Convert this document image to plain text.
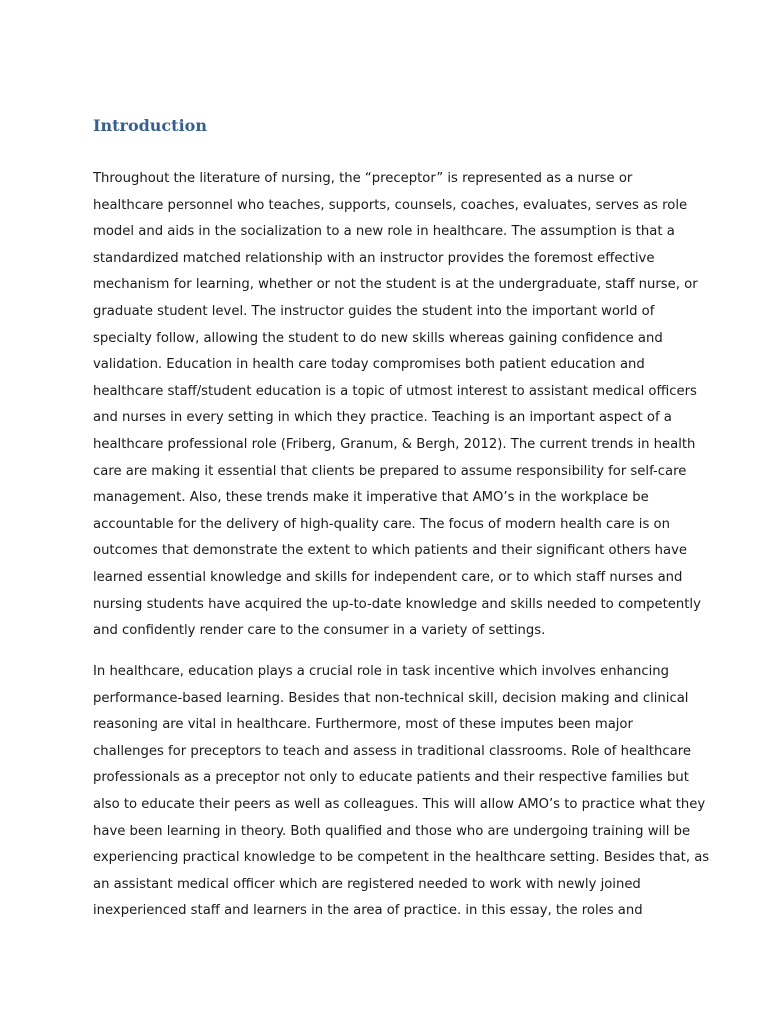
Introduction
Throughout the literature of nursing, the “preceptor” is represented as a nurse or
healthcare personnel who teaches, supports, counsels, coaches, evaluates, serves as role
model and aids in the socialization to a new role in healthcare. The assumption is that a
standardized matched relationship with an instructor provides the foremost effective
mechanism for learning, whether or not the student is at the undergraduate, staff nurse, or
graduate student level. The instructor guides the student into the important world of
specialty follow, allowing the student to do new skills whereas gaining confidence and
validation. Education in health care today compromises both patient education and
healthcare staff/student education is a topic of utmost interest to assistant medical officers
and nurses in every setting in which they practice. Teaching is an important aspect of a
healthcare professional role (Friberg, Granum, & Bergh, 2012). The current trends in health
care are making it essential that clients be prepared to assume responsibility for self-care
management. Also, these trends make it imperative that AMO’s in the workplace be
accountable for the delivery of high-quality care. The focus of modern health care is on
outcomes that demonstrate the extent to which patients and their significant others have
learned essential knowledge and skills for independent care, or to which staff nurses and
nursing students have acquired the up-to-date knowledge and skills needed to competently
and confidently render care to the consumer in a variety of settings.
In healthcare, education plays a crucial role in task incentive which involves enhancing
performance-based learning. Besides that non-technical skill, decision making and clinical
reasoning are vital in healthcare. Furthermore, most of these imputes been major
challenges for preceptors to teach and assess in traditional classrooms. Role of healthcare
professionals as a preceptor not only to educate patients and their respective families but
also to educate their peers as well as colleagues. This will allow AMO’s to practice what they
have been learning in theory. Both qualified and those who are undergoing training will be
experiencing practical knowledge to be competent in the healthcare setting. Besides that, as
an assistant medical officer which are registered needed to work with newly joined
inexperienced staff and learners in the area of practice. in this essay, the roles and
